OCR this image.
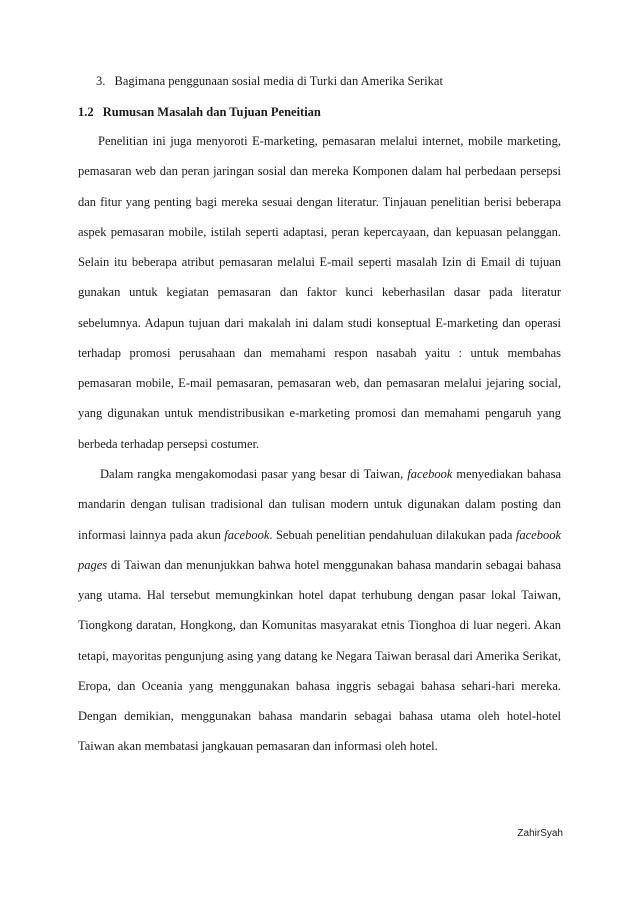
3. Bagimana penggunaan sosial media di Turki dan Amerika Serikat
1.2 Rumusan Masalah dan Tujuan Peneitian

Penelitian ini juga menyoroti E-marketing, pemasaran melalui internet, mobile marketing, pemasaran web dan peran jaringan sosial dan mereka Komponen dalam hal perbedaan persepsi dan fitur yang penting bagi mereka sesuai dengan literatur. Tinjauan penelitian berisi beberapa aspek pemasaran mobile, istilah seperti adaptasi, peran kepercayaan, dan kepuasan pelanggan. Selain itu beberapa atribut pemasaran melalui E-mail seperti masalah Izin di Email di tujuan gunakan untuk kegiatan pemasaran dan faktor kunci keberhasilan dasar pada literatur sebelumnya. Adapun tujuan dari makalah ini dalam studi konseptual E-marketing dan operasi terhadap promosi perusahaan dan memahami respon nasabah yaitu : untuk membahas pemasaran mobile, E-mail pemasaran, pemasaran web, dan pemasaran melalui jejaring social, yang digunakan untuk mendistribusikan e-marketing promosi dan memahami pengaruh yang berbeda terhadap persepsi costumer.

Dalam rangka mengakomodasi pasar yang besar di Taiwan, facebook menyediakan bahasa mandarin dengan tulisan tradisional dan tulisan modern untuk digunakan dalam posting dan informasi lainnya pada akun facebook. Sebuah penelitian pendahuluan dilakukan pada facebook pages di Taiwan dan menunjukkan bahwa hotel menggunakan bahasa mandarin sebagai bahasa yang utama. Hal tersebut memungkinkan hotel dapat terhubung dengan pasar lokal Taiwan, Tiongkong daratan, Hongkong, dan Komunitas masyarakat etnis Tionghoa di luar negeri. Akan tetapi, mayoritas pengunjung asing yang datang ke Negara Taiwan berasal dari Amerika Serikat, Eropa, dan Oceania yang menggunakan bahasa inggris sebagai bahasa sehari-hari mereka. Dengan demikian, menggunakan bahasa mandarin sebagai bahasa utama oleh hotel-hotel Taiwan akan membatasi jangkauan pemasaran dan informasi oleh hotel.

ZahirSyah
